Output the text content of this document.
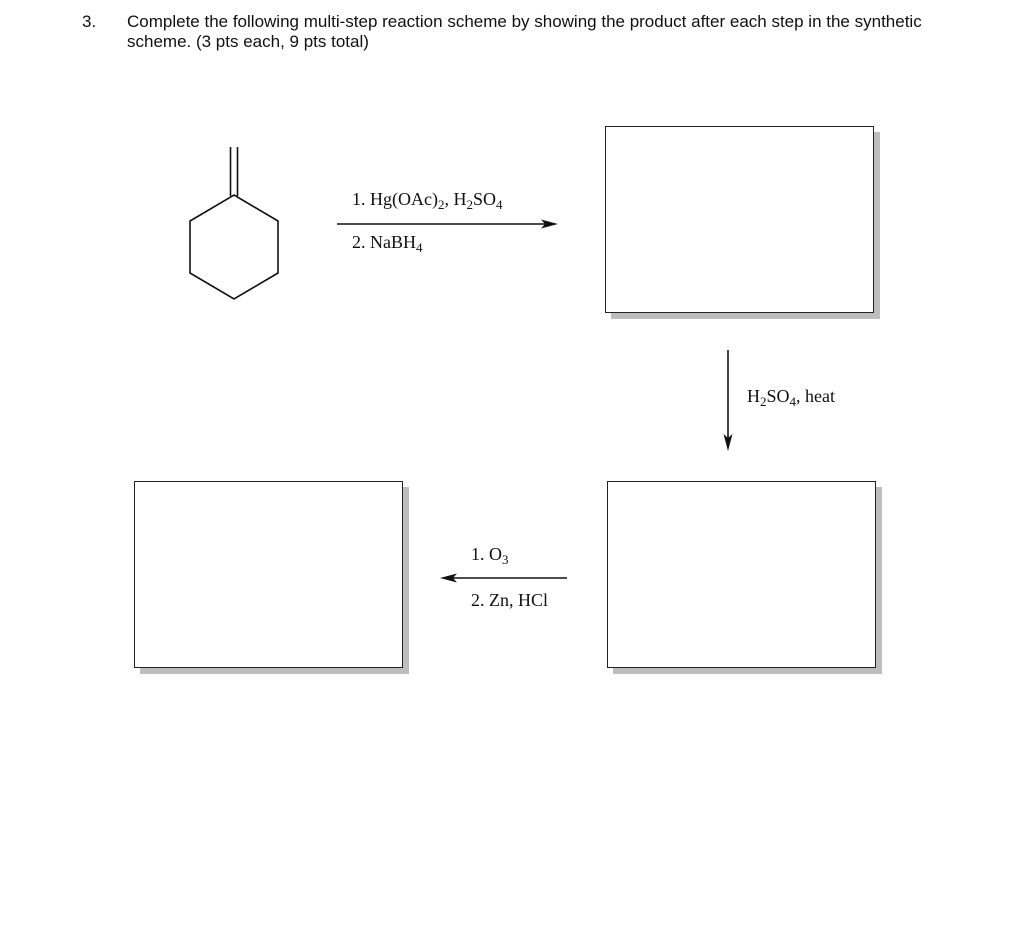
3. Complete the following multi-step reaction scheme by showing the product after each step in the synthetic scheme. (3 pts each, 9 pts total)
1. $Hg(OAc)_2$, $H_2SO_4$
2. NaBH$_4$
$H_2SO_4$, heat
1. $O_3$
2. Zn, HCl
